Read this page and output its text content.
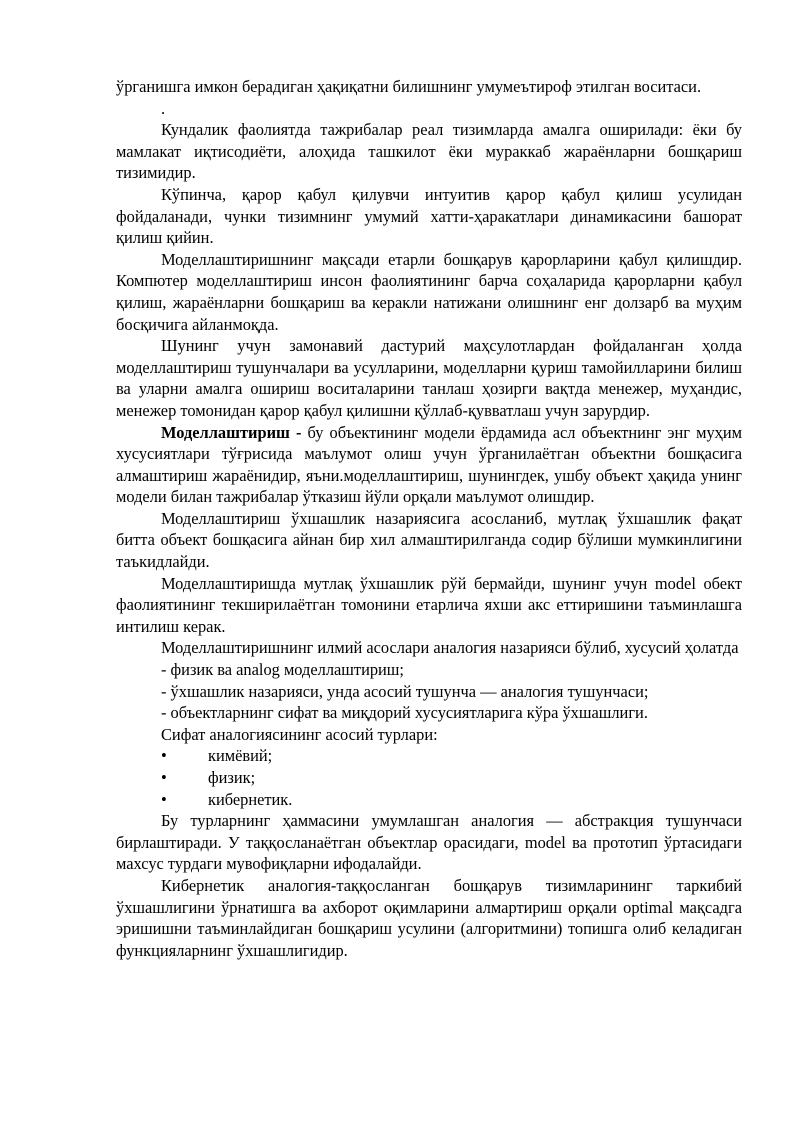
ўрганишга имкон берадиган ҳақиқатни билишнинг умумеътироф этилган воситаси.

.

Кундалик фаолиятда тажрибалар реал тизимларда амалга оширилади: ёки бу мамлакат иқтисодиёти, алоҳида ташкилот ёки мураккаб жараёнларни бошқариш тизимидир.

Кўпинча, қарор қабул қилувчи интуитив қарор қабул қилиш усулидан фойдаланади, чунки тизимнинг умумий хатти-ҳаракатлари динамикасини башорат қилиш қийин.

Моделлаштиришнинг мақсади етарли бошқарув қарорларини қабул қилишдир. Компютер моделлаштириш инсон фаолиятининг барча соҳаларида қарорларни қабул қилиш, жараёнларни бошқариш ва керакли натижани олишнинг енг долзарб ва муҳим босқичига айланмоқда.

Шунинг учун замонавий дастурий маҳсулотлардан фойдаланган ҳолда моделлаштириш тушунчалари ва усулларини, моделларни қуриш тамойилларини билиш ва уларни амалга ошириш воситаларини танлаш ҳозирги вақтда менежер, муҳандис, менежер томонидан қарор қабул қилишни қўллаб-қувватлаш учун зарурдир.

Моделлаштириш - бу объектининг модели ёрдамида асл объектнинг энг муҳим хусусиятлари тўғрисида маълумот олиш учун ўрганилаётган объектни бошқасига алмаштириш жараёнидир, яъни.моделлаштириш, шунингдек, ушбу объект ҳақида унинг модели билан тажрибалар ўтказиш йўли орқали маълумот олишдир.

Моделлаштириш ўхшашлик назариясига асосланиб, мутлақ ўхшашлик фақат битта объект бошқасига айнан бир хил алмаштирилганда содир бўлиши мумкинлигини таъкидлайди.

Моделлаштиришда мутлақ ўхшашлик рўй бермайди, шунинг учун model обект фаолиятининг текширилаётган томонини етарлича яхши акс еттиришини таъминлашга интилиш керак.

Моделлаштиришнинг илмий асослари аналогия назарияси бўлиб, хусусий ҳолатда

- физик ва analog моделлаштириш;

- ўхшашлик назарияси, унда асосий тушунча — аналогия тушунчаси;

- объектларнинг сифат ва миқдорий хусусиятларига кўра ўхшашлиги.

Сифат аналогиясининг асосий турлари:

•	кимёвий;

•	физик;

•	кибернетик.

Бу турларнинг ҳаммасини умумлашган аналогия — абстракция тушунчаси бирлаштиради. У таққосланаётган объектлар орасидаги, model ва прототип ўртасидаги махсус турдаги мувофиқларни ифодалайди.

Кибернетик аналогия-таққосланган бошқарув тизимларининг таркибий ўхшашлигини ўрнатишга ва ахборот оқимларини алмартириш орқали optimal мақсадга эришишни таъминлайдиган бошқариш усулини (алгоритмини) топишга олиб келадиган функцияларнинг ўхшашлигидир.
